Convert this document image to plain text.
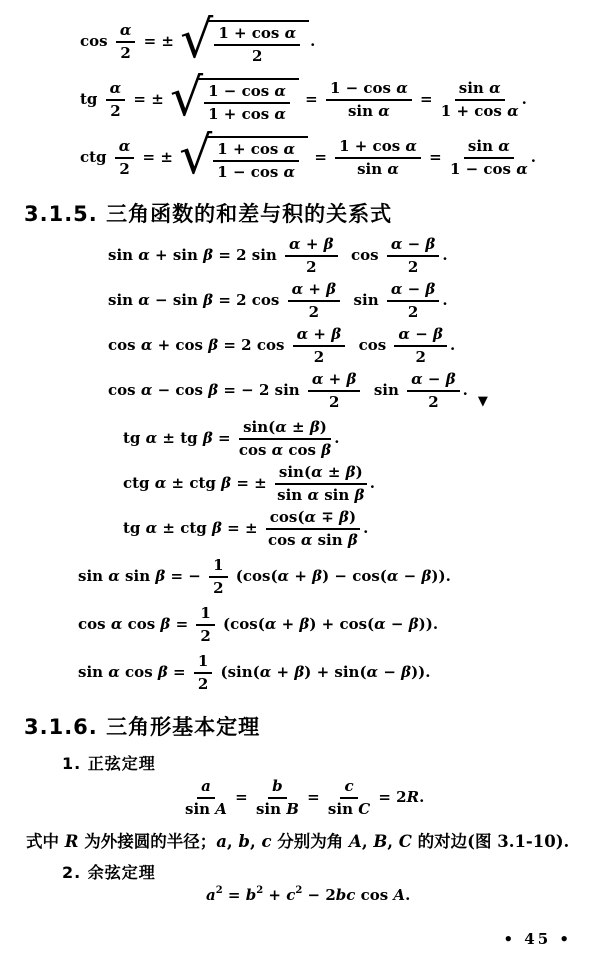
$\cos \frac{\alpha}{2}$ = ± √ $\frac{\text{1 + cos α}}{2}$ .
tg $\frac{\alpha}{2}$ = ± √ $\frac{\text{1 − cos α}}{\text{1 + cos α}} = \frac{\text{1 − cos α}}{\text{sin α}} = \frac{\text{sin α}}{\text{1 + cos α}}$ .
ctg $\frac{\alpha}{2}$ = ± √ $\frac{\text{1 + cos α}}{\text{1 − cos α}} = \frac{\text{1 + cos α}}{\text{sin α}} = \frac{\text{sin α}}{\text{1 − cos α}}$ .
3.1.5. 三角函数的和差与积的关系式
sin α + sin β = 2 $\sin \frac{\alpha + \beta}{2}$ $\cos \frac{\alpha - \beta}{2}$ .
sin α − sin β = 2 $\cos \frac{\alpha + \beta}{2}$ $\sin \frac{\alpha - \beta}{2}$ .
cos α + cos β = 2 $\cos \frac{\alpha + \beta}{2}$ $\cos \frac{\alpha - \beta}{2}$ .
cos α − cos β = − 2 $\sin \frac{\alpha + \beta}{2}$ $\sin \frac{\alpha - \beta}{2}$ .▼
tg α ± tg $\beta = \frac{\sin(\alpha \pm \beta)}{\text{cos α cos β}}$ .
ctg α ± ctg β = ± $\frac{\sin(\alpha \pm \beta)}{\text{sin α sin β}}$ .
tg α ± ctg β = ± $\frac{\cos(\alpha \mp \beta)}{\text{cos α sin β}}$ .
sin α sin β = − $\frac{1}{2} (\cos(\alpha + \beta) - \cos(\alpha - \beta))$.
cos α $\cos \beta = \frac{1}{2} (\cos(\alpha + \beta) + \cos(\alpha - \beta))$.
sin α $\cos \beta = \frac{1}{2} (\sin(\alpha + \beta) + \sin(\alpha - \beta))$.
3.1.6. 三角形基本定理
1. 正弦定理
$\frac{a}{\text{sin A}} = \frac{b}{\text{sin B}} = \frac{c}{\text{sin C}} = 2R$.

式中 R 为外接圆的半径；a, b, c 分别为角 A, B, C 的对边(图 3.1-10).

2. 余弦定理
$a^2 = b^2 + c^2 - 2bc$ cos A.
• 45 •
